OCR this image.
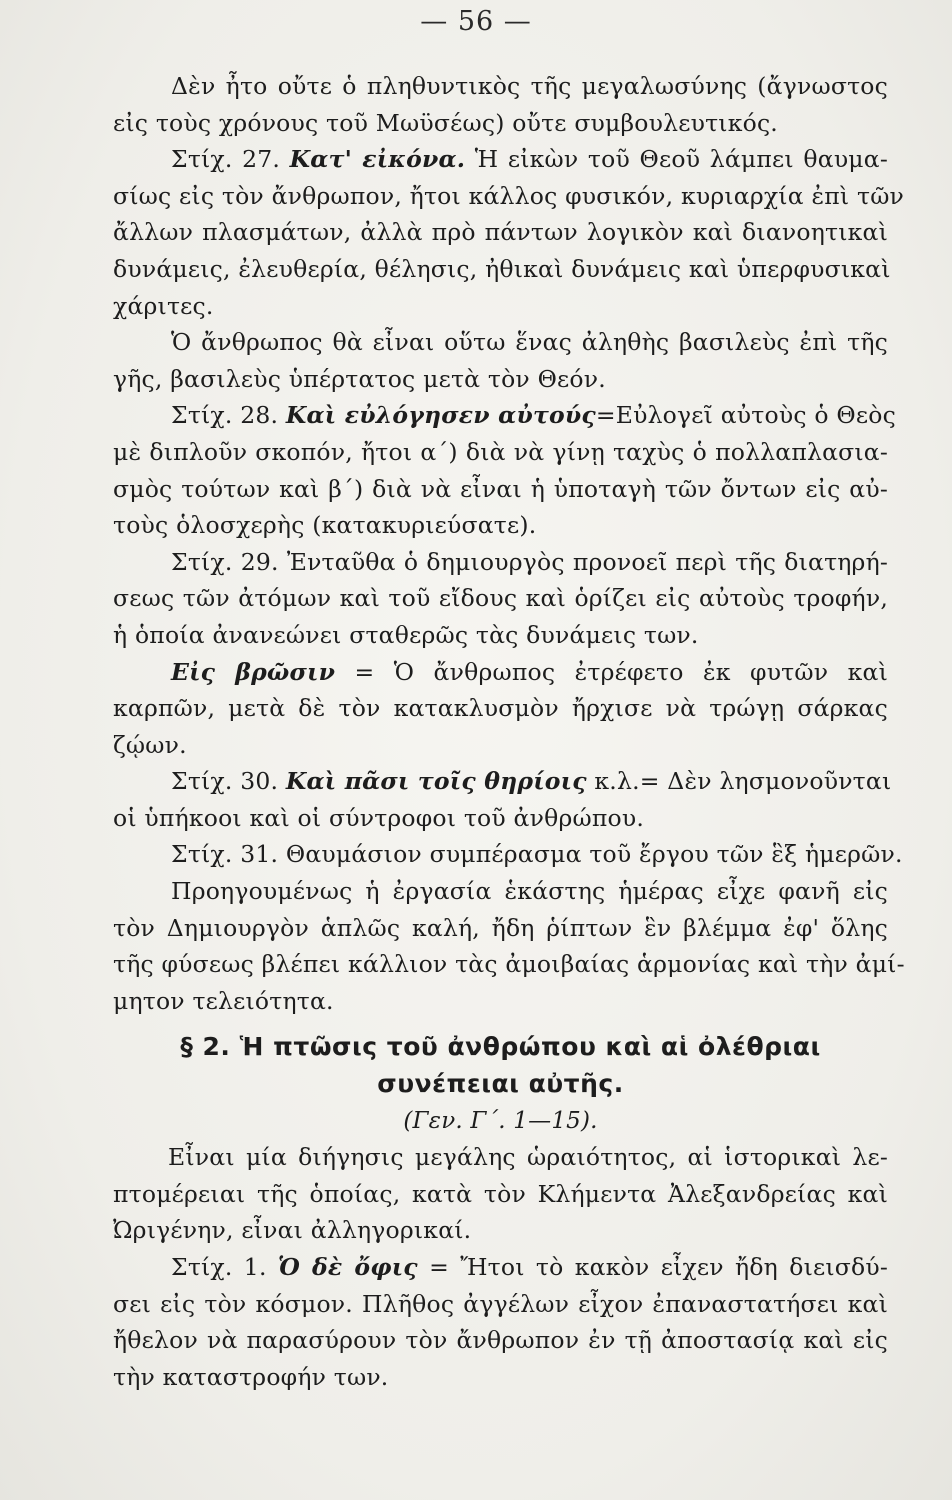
— 56 —
Δὲν ἦτο οὔτε ὁ πληθυντικὸς τῆς μεγαλωσύνης (ἄγνωστος
εἰς τοὺς χρόνους τοῦ Μωϋσέως) οὔτε συμβουλευτικός.
Στίχ. 27. Κατ' εἰκόνα. Ἡ εἰκὼν τοῦ Θεοῦ λάμπει θαυμα-
σίως εἰς τὸν ἄνθρωπον, ἤτοι κάλλος φυσικόν, κυριαρχία ἐπὶ τῶν
ἄλλων πλασμάτων, ἀλλὰ πρὸ πάντων λογικὸν καὶ διανοητικαὶ
δυνάμεις, ἐλευθερία, θέλησις, ἠθικαὶ δυνάμεις καὶ ὑπερφυσικαὶ
χάριτες.
Ὁ ἄνθρωπος θὰ εἶναι οὕτω ἕνας ἀληθὴς βασιλεὺς ἐπὶ τῆς
γῆς, βασιλεὺς ὑπέρτατος μετὰ τὸν Θεόν.
Στίχ. 28. Καὶ εὐλόγησεν αὐτούς=Εὐλογεῖ αὐτοὺς ὁ Θεὸς
μὲ διπλοῦν σκοπόν, ἤτοι α΄) διὰ νὰ γίνῃ ταχὺς ὁ πολλαπλασια-
σμὸς τούτων καὶ β΄) διὰ νὰ εἶναι ἡ ὑποταγὴ τῶν ὄντων εἰς αὐ-
τοὺς ὁλοσχερὴς (κατακυριεύσατε).
Στίχ. 29. Ἐνταῦθα ὁ δημιουργὸς προνοεῖ περὶ τῆς διατηρή-
σεως τῶν ἀτόμων καὶ τοῦ εἴδους καὶ ὁρίζει εἰς αὐτοὺς τροφήν,
ἡ ὁποία ἀνανεώνει σταθερῶς τὰς δυνάμεις των.
Εἰς βρῶσιν = Ὁ ἄνθρωπος ἐτρέφετο ἐκ φυτῶν καὶ
καρπῶν, μετὰ δὲ τὸν κατακλυσμὸν ἤρχισε νὰ τρώγῃ σάρκας
ζῴων.
Στίχ. 30. Καὶ πᾶσι τοῖς θηρίοις κ.λ.= Δὲν λησμονοῦνται
οἱ ὑπήκοοι καὶ οἱ σύντροφοι τοῦ ἀνθρώπου.
Στίχ. 31. Θαυμάσιον συμπέρασμα τοῦ ἔργου τῶν ἓξ ἡμερῶν.
Προηγουμένως ἡ ἐργασία ἑκάστης ἡμέρας εἶχε φανῆ εἰς
τὸν Δημιουργὸν ἁπλῶς καλή, ἤδη ῥίπτων ἓν βλέμμα ἐφ' ὅλης
τῆς φύσεως βλέπει κάλλιον τὰς ἀμοιβαίας ἁρμονίας καὶ τὴν ἀμί-
μητον τελειότητα.
§ 2. Ἡ πτῶσις τοῦ ἀνθρώπου καὶ αἱ ὀλέθριαι
συνέπειαι αὐτῆς.
(Γεν. Γ΄. 1—15).
Εἶναι μία διήγησις μεγάλης ὡραιότητος, αἱ ἱστορικαὶ λε-
πτομέρειαι τῆς ὁποίας, κατὰ τὸν Κλήμεντα Ἀλεξανδρείας καὶ
Ὠριγένην, εἶναι ἀλληγορικαί.
Στίχ. 1. Ὁ δὲ ὄφις = Ἤτοι τὸ κακὸν εἶχεν ἤδη διεισδύ-
σει εἰς τὸν κόσμον. Πλῆθος ἀγγέλων εἶχον ἐπαναστατήσει καὶ
ἤθελον νὰ παρασύρουν τὸν ἄνθρωπον ἐν τῇ ἀποστασίᾳ καὶ εἰς
τὴν καταστροφήν των.
